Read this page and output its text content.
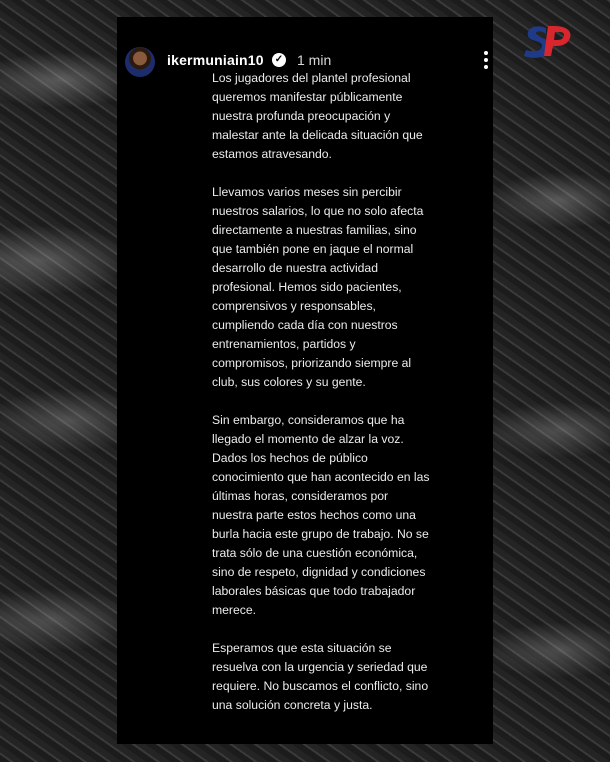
ikermuniain10 ✓ 1 min

Los jugadores del plantel profesional queremos manifestar públicamente nuestra profunda preocupación y malestar ante la delicada situación que estamos atravesando.

Llevamos varios meses sin percibir nuestros salarios, lo que no solo afecta directamente a nuestras familias, sino que también pone en jaque el normal desarrollo de nuestra actividad profesional. Hemos sido pacientes, comprensivos y responsables, cumpliendo cada día con nuestros entrenamientos, partidos y compromisos, priorizando siempre al club, sus colores y su gente.

Sin embargo, consideramos que ha llegado el momento de alzar la voz. Dados los hechos de público conocimiento que han acontecido en las últimas horas, consideramos por nuestra parte estos hechos como una burla hacia este grupo de trabajo. No se trata sólo de una cuestión económica, sino de respeto, dignidad y condiciones laborales básicas que todo trabajador merece.

Esperamos que esta situación se resuelva con la urgencia y seriedad que requiere. No buscamos el conflicto, sino una solución concreta y justa.
